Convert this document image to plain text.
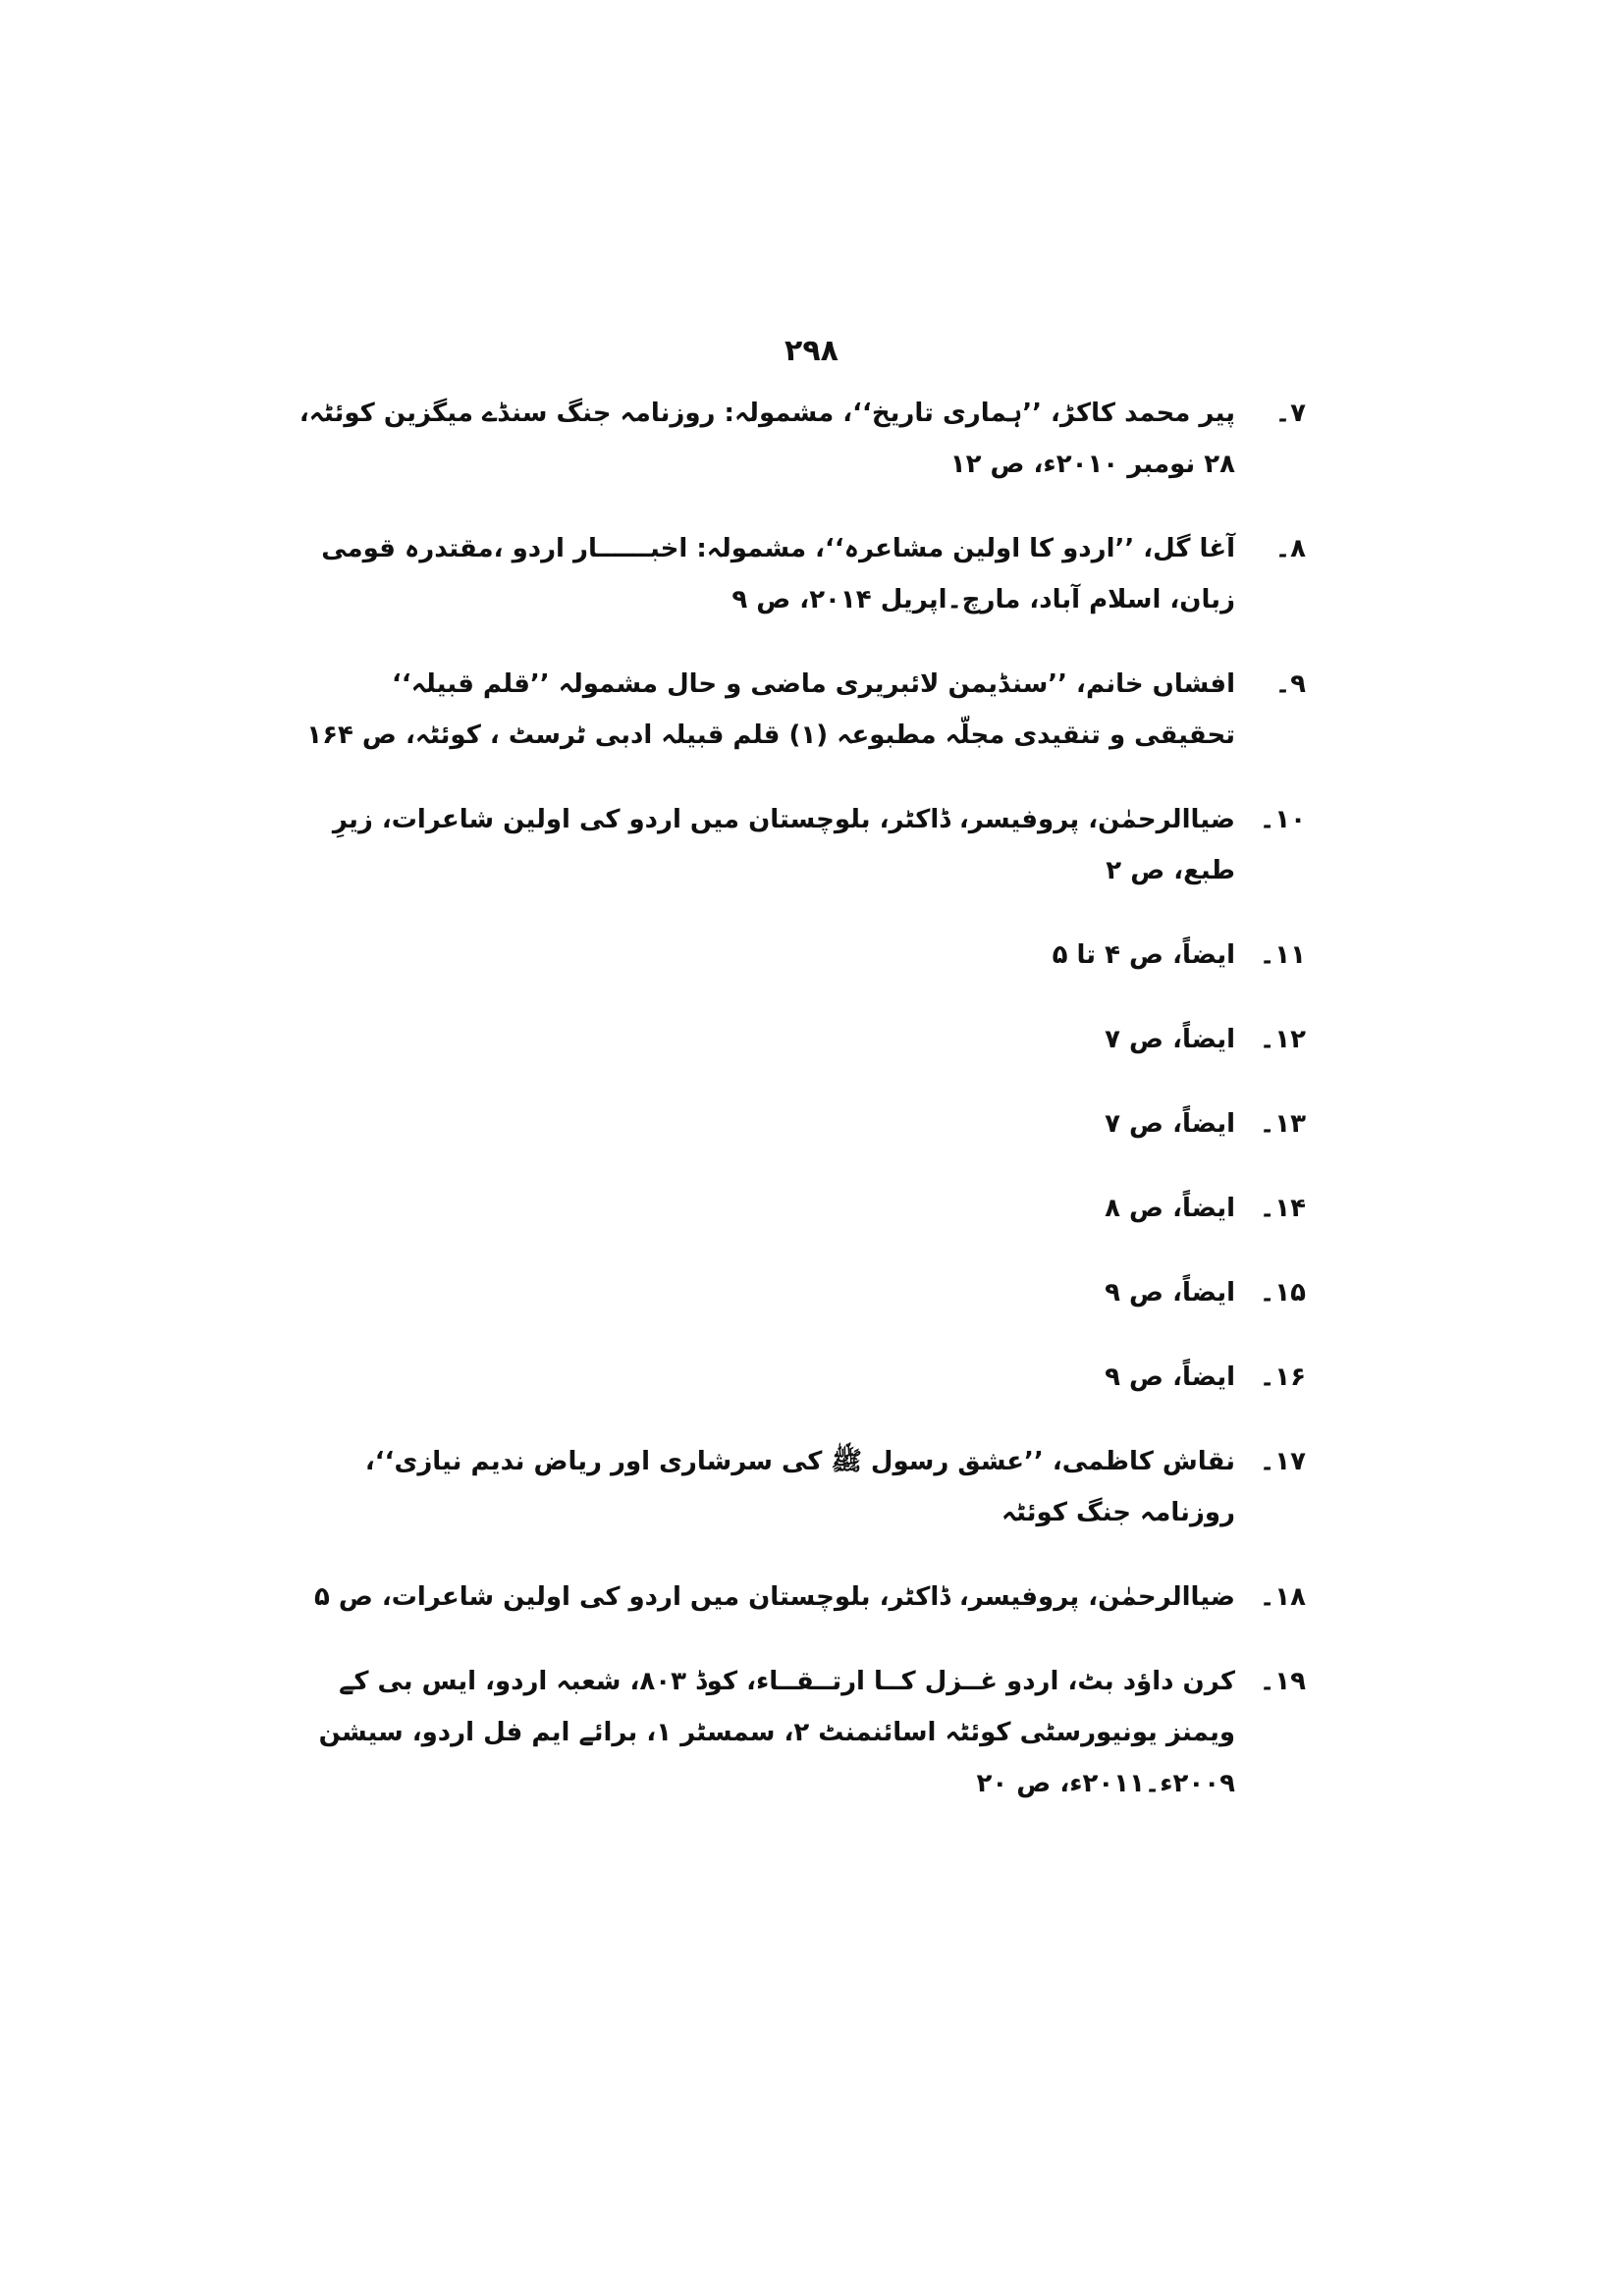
۲۹۸
۷۔
پیر محمد کاکڑ، ’’ہماری تاریخ‘‘، مشمولہ: روزنامہ جنگ سنڈے میگزین کوئٹہ، ۲۸ نومبر ۲۰۱۰ء، ص ۱۲
۸۔
آغا گل، ’’اردو کا اولین مشاعرہ‘‘، مشمولہ: اخبــــــار اردو ،مقتدرہ قومی زبان، اسلام آباد، مارچ۔اپریل ۲۰۱۴، ص ۹
۹۔
افشاں خانم، ’’سنڈیمن لائبریری ماضی و حال مشمولہ ’’قلم قبیلہ‘‘ تحقیقی و تنقیدی مجلّہ مطبوعہ (۱) قلم قبیلہ ادبی ٹرسٹ ، کوئٹہ، ص ۱۶۴
۱۰۔
ضیاالرحمٰن، پروفیسر، ڈاکٹر، بلوچستان میں اردو کی اولین شاعرات، زیرِ طبع، ص ۲
۱۱۔
ایضاً، ص ۴ تا ۵
۱۲۔
ایضاً، ص ۷
۱۳۔
ایضاً، ص ۷
۱۴۔
ایضاً، ص ۸
۱۵۔
ایضاً، ص ۹
۱۶۔
ایضاً، ص ۹
۱۷۔
نقاش کاظمی، ’’عشق رسول ﷺ کی سرشاری اور ریاض ندیم نیازی‘‘، روزنامہ جنگ کوئٹہ
۱۸۔
ضیاالرحمٰن، پروفیسر، ڈاکٹر، بلوچستان میں اردو کی اولین شاعرات، ص ۵
۱۹۔
کرن داؤد بٹ، اردو غــزل کــا ارتــقــاء، کوڈ ۸۰۳، شعبہ اردو، ایس بی کے ویمنز یونیورسٹی کوئٹہ اسائنمنٹ ۲، سمسٹر ۱، برائے ایم فل اردو، سیشن ۲۰۰۹ء۔۲۰۱۱ء، ص ۲۰
